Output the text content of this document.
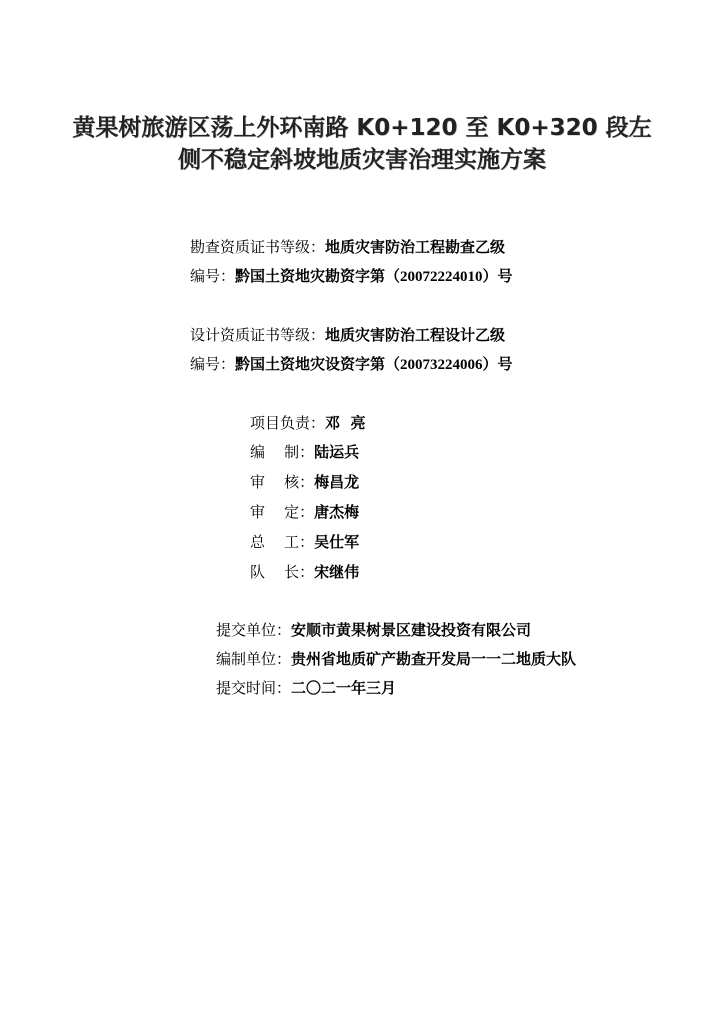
黄果树旅游区荡上外环南路 K0+120 至 K0+320 段左
侧不稳定斜坡地质灾害治理实施方案
勘查资质证书等级：地质灾害防治工程勘查乙级
编号：黔国土资地灾勘资字第（20072224010）号
设计资质证书等级：地质灾害防治工程设计乙级
编号：黔国土资地灾设资字第（20073224006）号
项目负责：邓  亮
编    制：陆运兵
审    核：梅昌龙
审    定：唐杰梅
总    工：吴仕军
队    长：宋继伟
提交单位：安顺市黄果树景区建设投资有限公司
编制单位：贵州省地质矿产勘查开发局一一二地质大队
提交时间：二〇二一年三月
